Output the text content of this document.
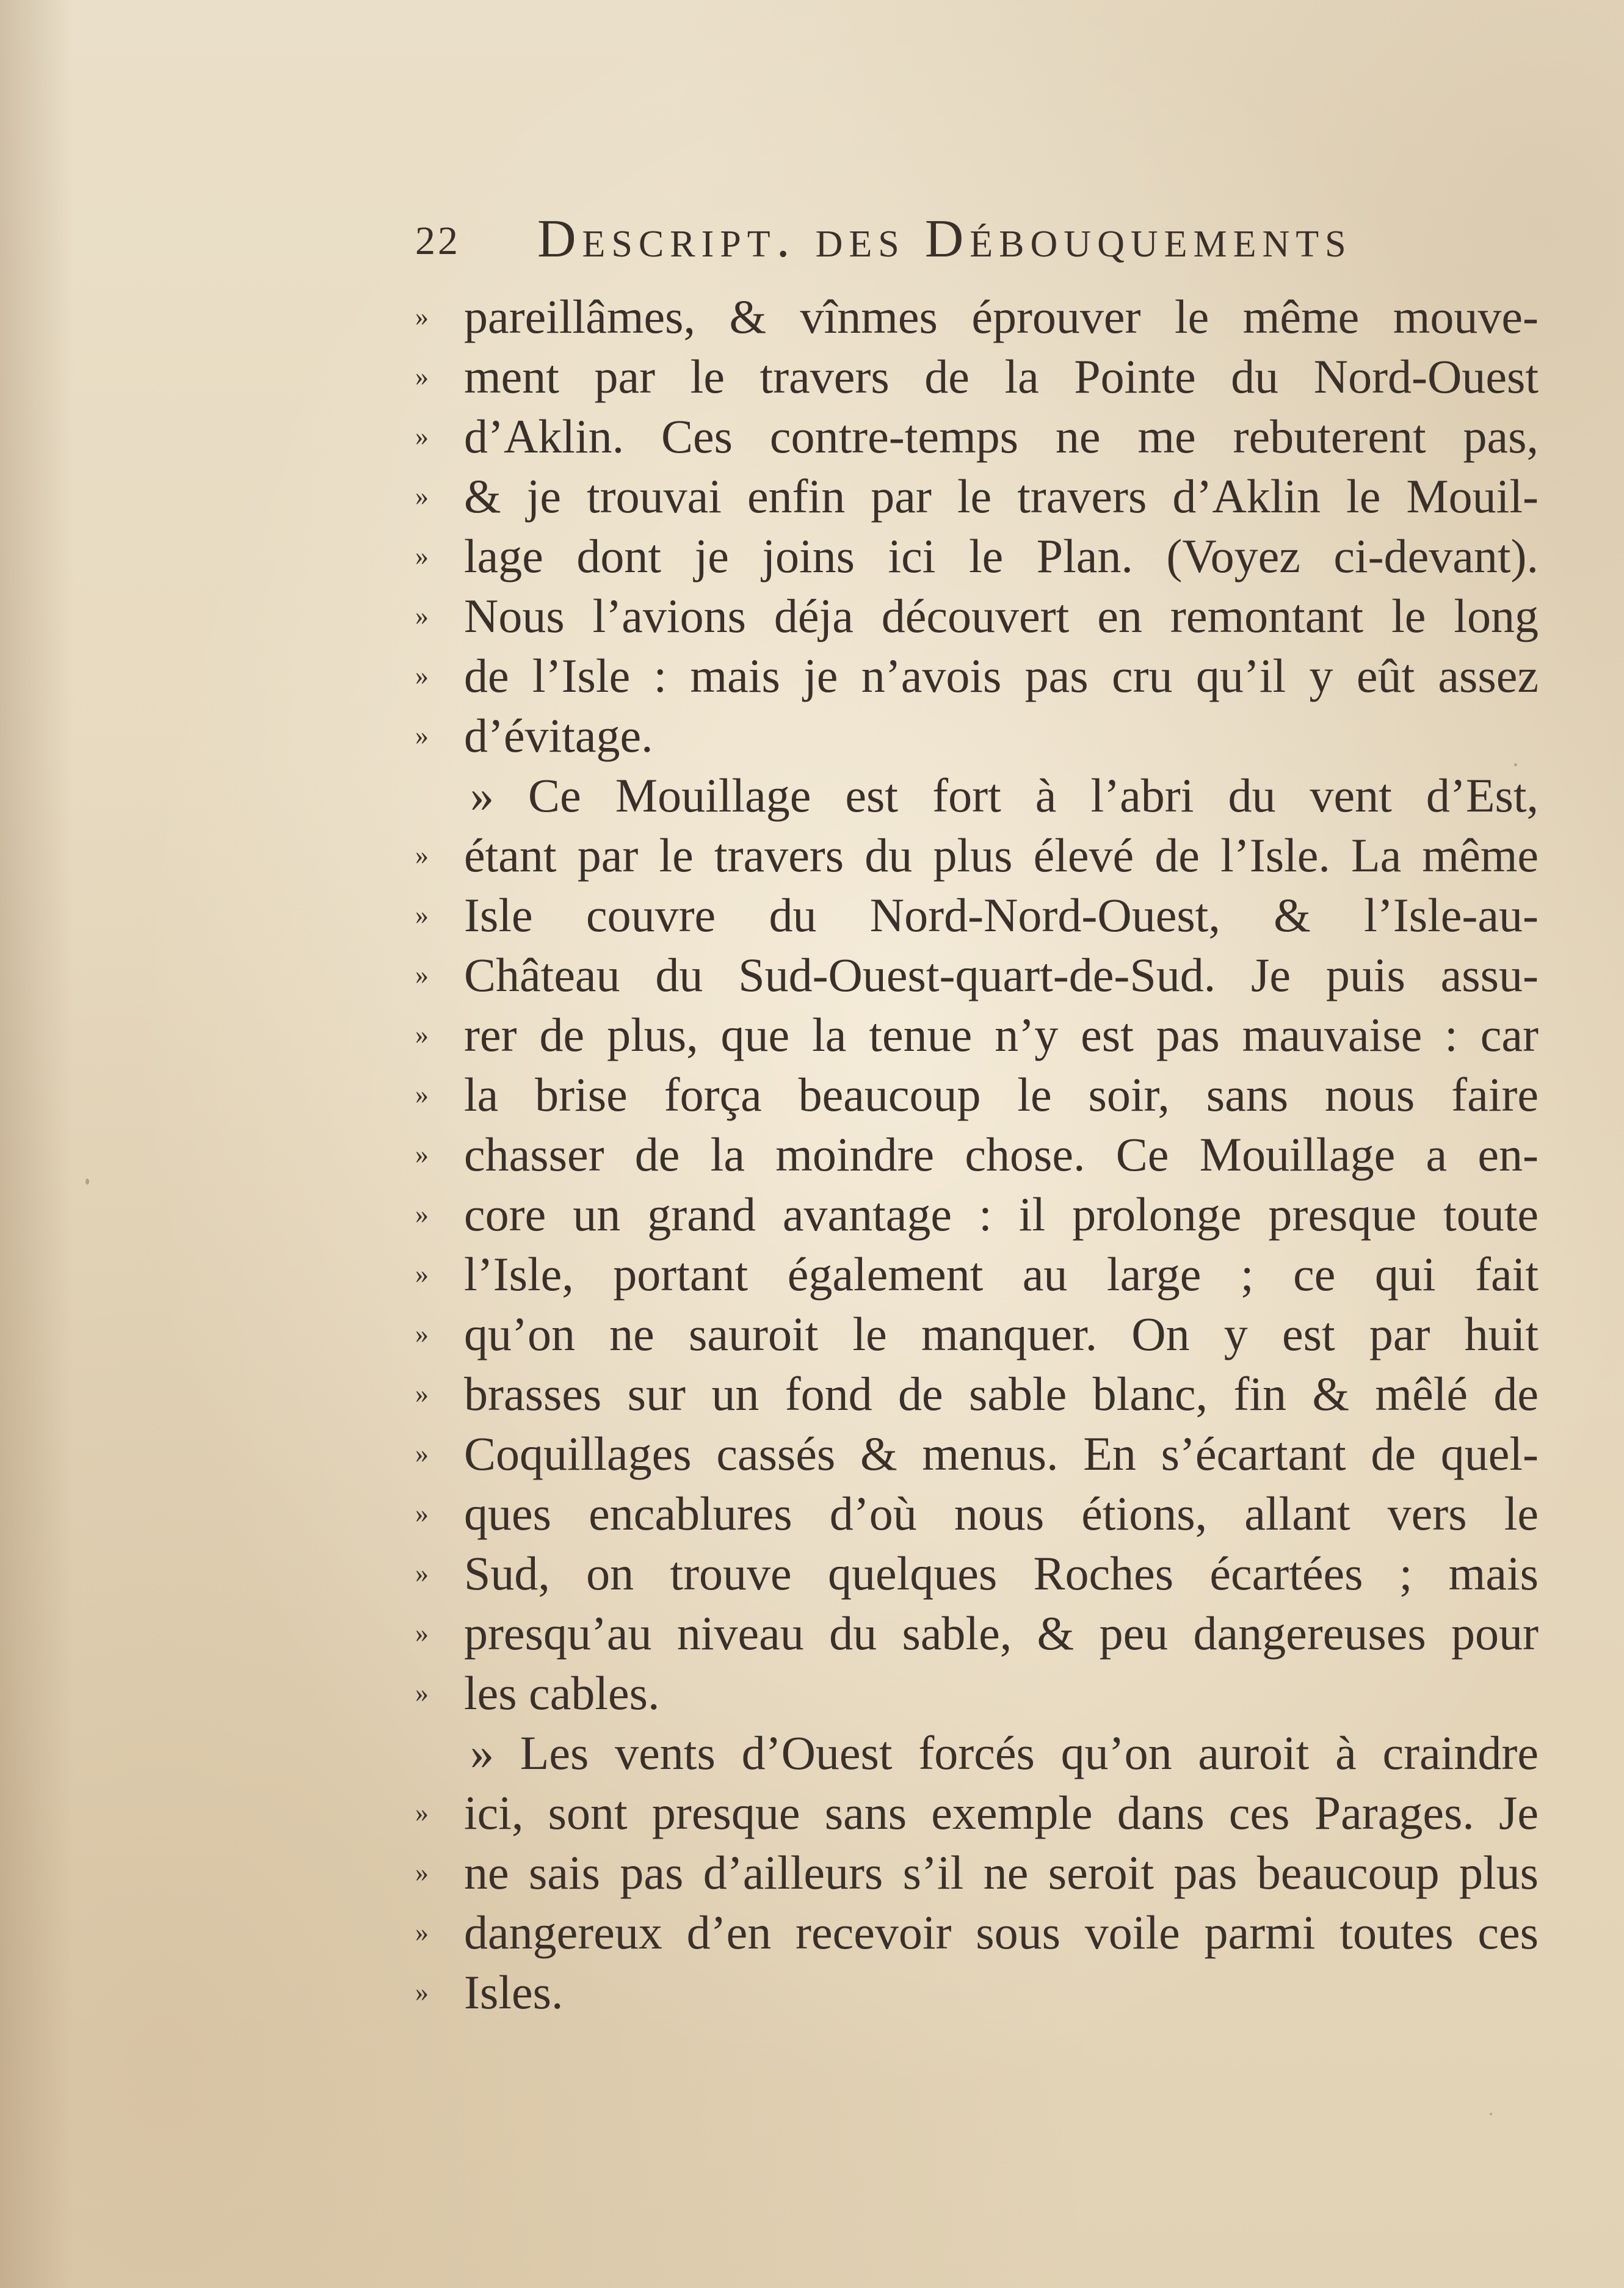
22 Descript. des Débouquements
» pareillâmes, & vînmes éprouver le même mouve-
» ment par le travers de la Pointe du Nord-Ouest
» d’Aklin. Ces contre-temps ne me rebuterent pas,
» & je trouvai enfin par le travers d’Aklin le Mouil-
» lage dont je joins ici le Plan. (Voyez ci-devant).
» Nous l’avions déja découvert en remontant le long
» de l’Isle : mais je n’avois pas cru qu’il y eût assez
» d’évitage.
» Ce Mouillage est fort à l’abri du vent d’Est,
» étant par le travers du plus élevé de l’Isle. La même
» Isle couvre du Nord-Nord-Ouest, & l’Isle-au-
» Château du Sud-Ouest-quart-de-Sud. Je puis assu-
» rer de plus, que la tenue n’y est pas mauvaise : car
» la brise força beaucoup le soir, sans nous faire
» chasser de la moindre chose. Ce Mouillage a en-
» core un grand avantage : il prolonge presque toute
» l’Isle, portant également au large ; ce qui fait
» qu’on ne sauroit le manquer. On y est par huit
» brasses sur un fond de sable blanc, fin & mêlé de
» Coquillages cassés & menus. En s’écartant de quel-
» ques encablures d’où nous étions, allant vers le
» Sud, on trouve quelques Roches écartées ; mais
» presqu’au niveau du sable, & peu dangereuses pour
» les cables.
» Les vents d’Ouest forcés qu’on auroit à craindre
» ici, sont presque sans exemple dans ces Parages. Je
» ne sais pas d’ailleurs s’il ne seroit pas beaucoup plus
» dangereux d’en recevoir sous voile parmi toutes ces
» Isles.
